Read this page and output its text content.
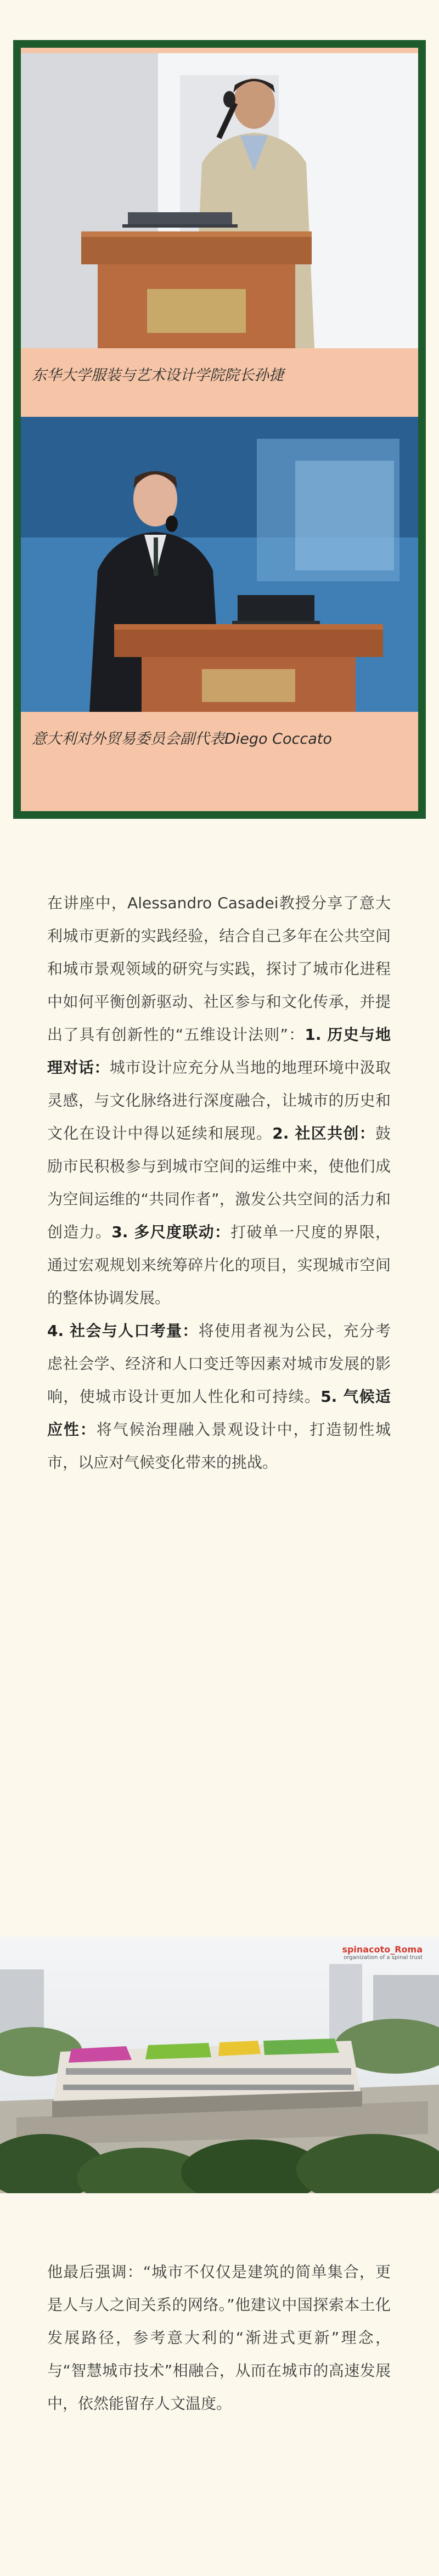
东华大学服装与艺术设计学院院长孙捷
意大利对外贸易委员会副代表Diego Coccato
在讲座中，Alessandro Casadei教授分享了意大利城市更新的实践经验，结合自己多年在公共空间和城市景观领域的研究与实践，探讨了城市化进程中如何平衡创新驱动、社区参与和文化传承，并提出了具有创新性的“五维设计法则”：1. 历史与地理对话：城市设计应充分从当地的地理环境中汲取灵感，与文化脉络进行深度融合，让城市的历史和文化在设计中得以延续和展现。2. 社区共创：鼓励市民积极参与到城市空间的运维中来，使他们成为空间运维的“共同作者”，激发公共空间的活力和创造力。3. 多尺度联动：打破单一尺度的界限，通过宏观规划来统筹碎片化的项目，实现城市空间的整体协调发展。
4. 社会与人口考量：将使用者视为公民，充分考虑社会学、经济和人口变迁等因素对城市发展的影响，使城市设计更加人性化和可持续。5. 气候适应性：将气候治理融入景观设计中，打造韧性城市，以应对气候变化带来的挑战。
spinacoto_Roma
organization of a spinal trust
他最后强调：“城市不仅仅是建筑的简单集合，更是人与人之间关系的网络。”他建议中国探索本土化发展路径，参考意大利的“渐进式更新”理念，与“智慧城市技术”相融合，从而在城市的高速发展中，依然能留存人文温度。
